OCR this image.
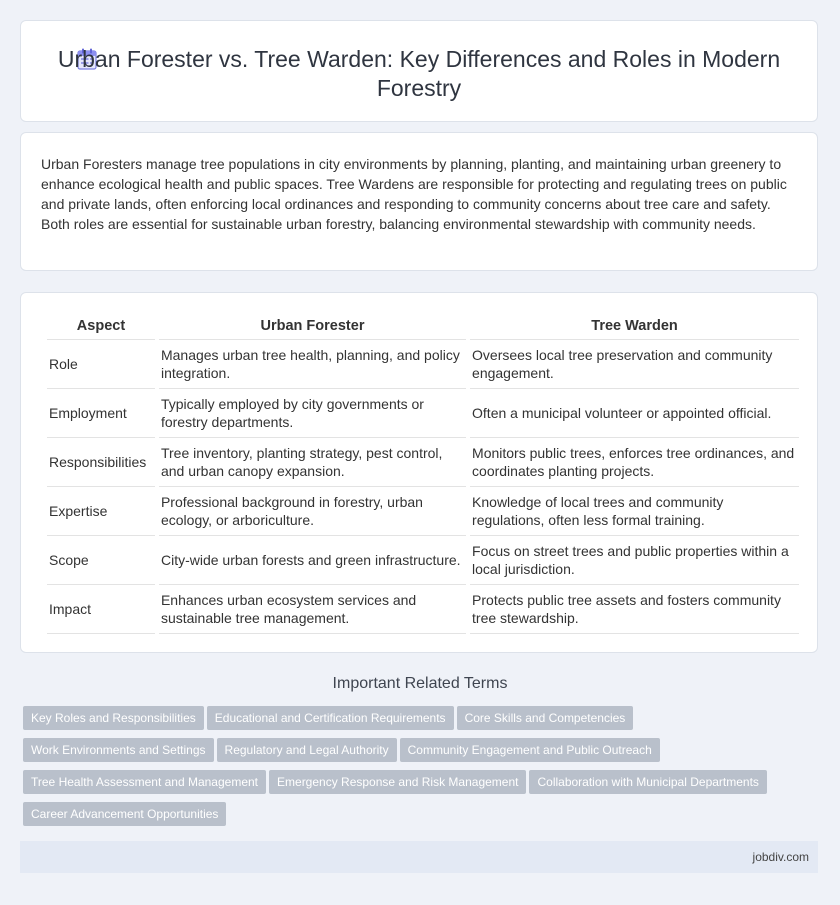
Urban Forester vs. Tree Warden: Key Differences and Roles in Modern Forestry
Urban Foresters manage tree populations in city environments by planning, planting, and maintaining urban greenery to enhance ecological health and public spaces. Tree Wardens are responsible for protecting and regulating trees on public and private lands, often enforcing local ordinances and responding to community concerns about tree care and safety. Both roles are essential for sustainable urban forestry, balancing environmental stewardship with community needs.
Aspect	Urban Forester	Tree Warden
Role	Manages urban tree health, planning, and policy integration.	Oversees local tree preservation and community engagement.
Employment	Typically employed by city governments or forestry departments.	Often a municipal volunteer or appointed official.
Responsibilities	Tree inventory, planting strategy, pest control, and urban canopy expansion.	Monitors public trees, enforces tree ordinances, and coordinates planting projects.
Expertise	Professional background in forestry, urban ecology, or arboriculture.	Knowledge of local trees and community regulations, often less formal training.
Scope	City-wide urban forests and green infrastructure.	Focus on street trees and public properties within a local jurisdiction.
Impact	Enhances urban ecosystem services and sustainable tree management.	Protects public tree assets and fosters community tree stewardship.
Important Related Terms
Key Roles and Responsibilities Educational and Certification Requirements Core Skills and Competencies
Work Environments and Settings Regulatory and Legal Authority Community Engagement and Public Outreach
Tree Health Assessment and Management Emergency Response and Risk Management Collaboration with Municipal Departments
Career Advancement Opportunities
jobdiv.com
